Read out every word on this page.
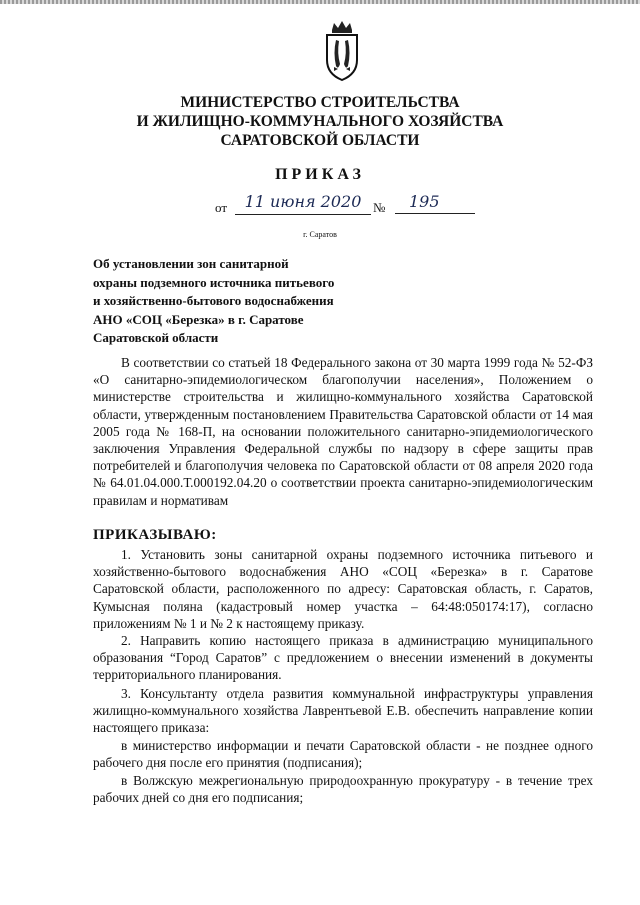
МИНИСТЕРСТВО СТРОИТЕЛЬСТВА
И ЖИЛИЩНО-КОММУНАЛЬНОГО ХОЗЯЙСТВА
САРАТОВСКОЙ ОБЛАСТИ
ПРИКАЗ
от	11 июня 2020 №	195
г. Саратов
Об установлении зон санитарной
охраны подземного источника питьевого
и хозяйственно-бытового водоснабжения
АНО «СОЦ «Березка» в г. Саратове
Саратовской области
В соответствии со статьей 18 Федерального закона от 30 марта 1999 года № 52-ФЗ «О санитарно-эпидемиологическом благополучии населения», Положением о министерстве строительства и жилищно-коммунального хозяйства Саратовской области, утвержденным постановлением Правительства Саратовской области от 14 мая 2005 года № 168-П, на основании положительного санитарно-эпидемиологического заключения Управления Федеральной службы по надзору в сфере защиты прав потребителей и благополучия человека по Саратовской области от 08 апреля 2020 года № 64.01.04.000.Т.000192.04.20 о соответствии проекта санитарно-эпидемиологическим правилам и нормативам
ПРИКАЗЫВАЮ:
1. Установить зоны санитарной охраны подземного источника питьевого и хозяйственно-бытового водоснабжения АНО «СОЦ «Березка» в г. Саратове Саратовской области, расположенного по адресу: Саратовская область, г. Саратов, Кумысная поляна (кадастровый номер участка – 64:48:050174:17), согласно приложениям № 1 и № 2 к настоящему приказу.
2. Направить копию настоящего приказа в администрацию муниципального образования “Город Саратов” с предложением о внесении изменений в документы территориального планирования.
3. Консультанту отдела развития коммунальной инфраструктуры управления жилищно-коммунального хозяйства Лаврентьевой Е.В. обеспечить направление копии настоящего приказа:
в министерство информации и печати Саратовской области - не позднее одного рабочего дня после его принятия (подписания);
в Волжскую межрегиональную природоохранную прокуратуру - в течение трех рабочих дней со дня его подписания;
